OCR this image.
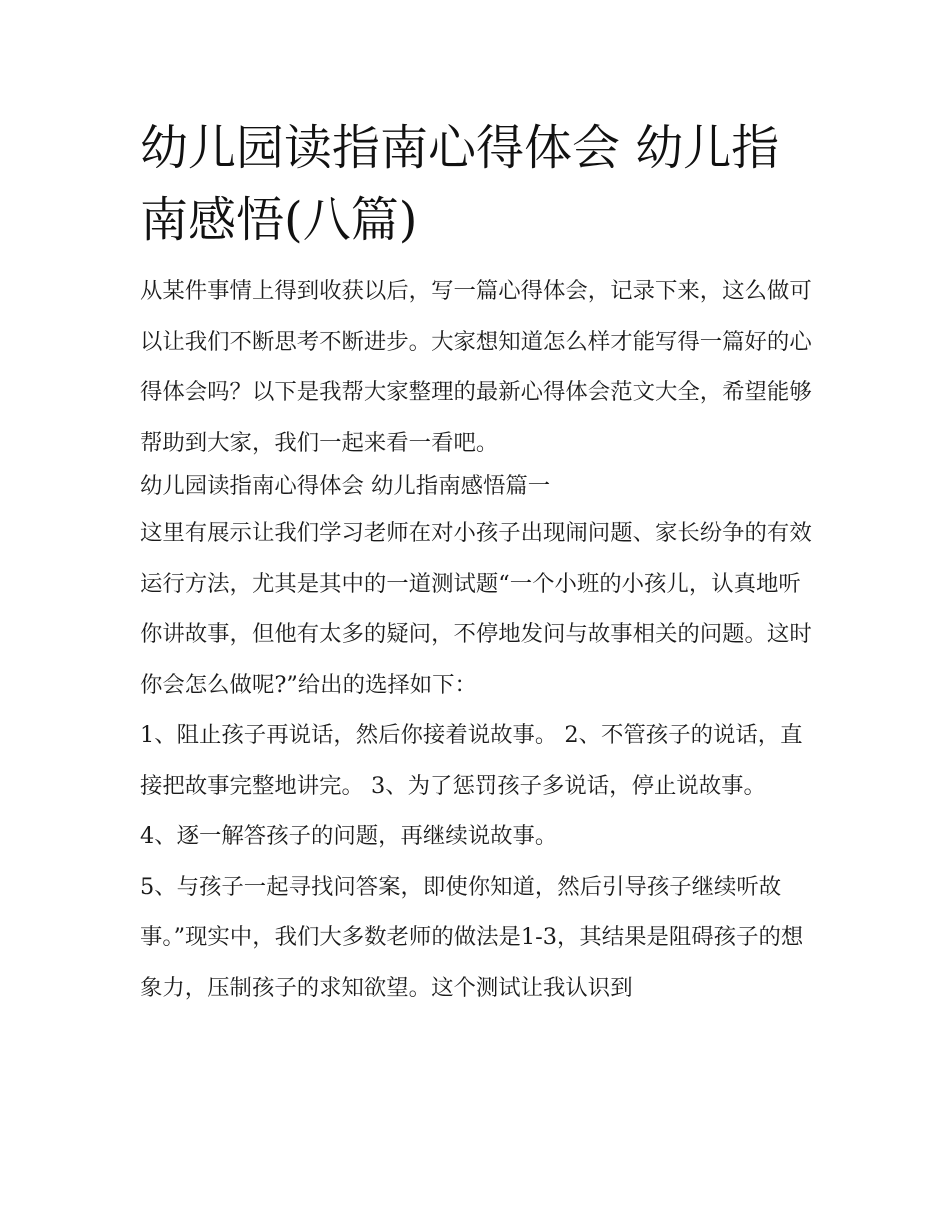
幼儿园读指南心得体会 幼儿指南感悟(八篇)

从某件事情上得到收获以后，写一篇心得体会，记录下来，这么做可以让我们不断思考不断进步。大家想知道怎么样才能写得一篇好的心得体会吗？以下是我帮大家整理的最新心得体会范文大全，希望能够帮助到大家，我们一起来看一看吧。

幼儿园读指南心得体会 幼儿指南感悟篇一

这里有展示让我们学习老师在对小孩子出现闹问题、家长纷争的有效运行方法，尤其是其中的一道测试题“一个小班的小孩儿，认真地听你讲故事，但他有太多的疑问，不停地发问与故事相关的问题。这时你会怎么做呢?”给出的选择如下：

1、阻止孩子再说话，然后你接着说故事。 2、不管孩子的说话，直接把故事完整地讲完。 3、为了惩罚孩子多说话，停止说故事。

4、逐一解答孩子的问题，再继续说故事。

5、与孩子一起寻找问答案，即使你知道，然后引导孩子继续听故事。”现实中，我们大多数老师的做法是1-3，其结果是阻碍孩子的想象力，压制孩子的求知欲望。这个测试让我认识到
